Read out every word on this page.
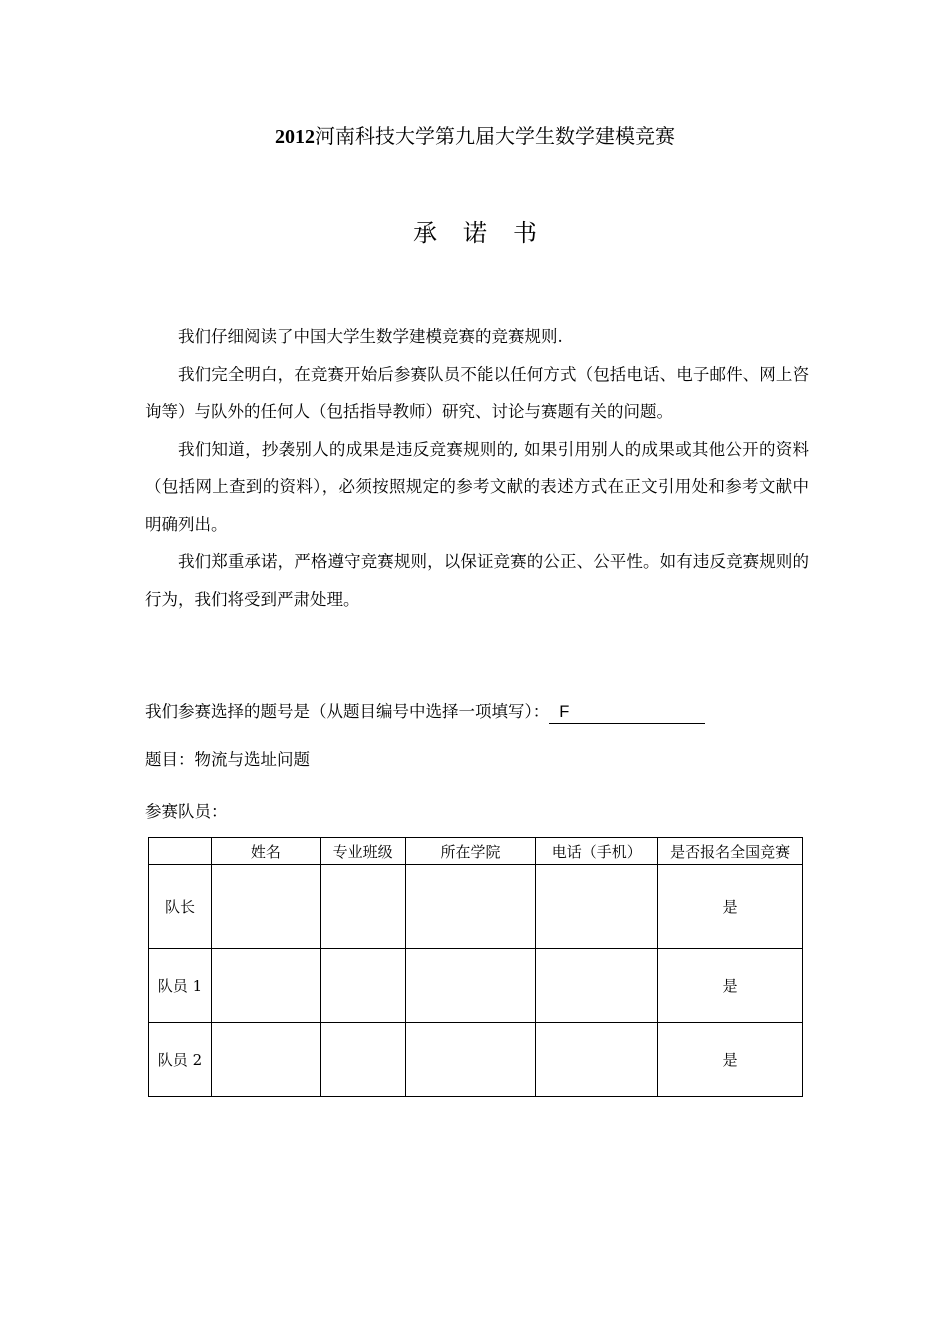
2012河南科技大学第九届大学生数学建模竞赛
承诺书

我们仔细阅读了中国大学生数学建模竞赛的竞赛规则.

我们完全明白，在竞赛开始后参赛队员不能以任何方式（包括电话、电子邮件、网上咨询等）与队外的任何人（包括指导教师）研究、讨论与赛题有关的问题。

我们知道，抄袭别人的成果是违反竞赛规则的, 如果引用别人的成果或其他公开的资料（包括网上查到的资料），必须按照规定的参考文献的表述方式在正文引用处和参考文献中明确列出。

我们郑重承诺，严格遵守竞赛规则，以保证竞赛的公正、公平性。如有违反竞赛规则的行为，我们将受到严肃处理。

我们参赛选择的题号是（从题目编号中选择一项填写）： F
题目：物流与选址问题
参赛队员：
	姓名	专业班级	所在学院	电话（手机）	是否报名全国竞赛
队长					是
队员 1					是
队员 2					是
